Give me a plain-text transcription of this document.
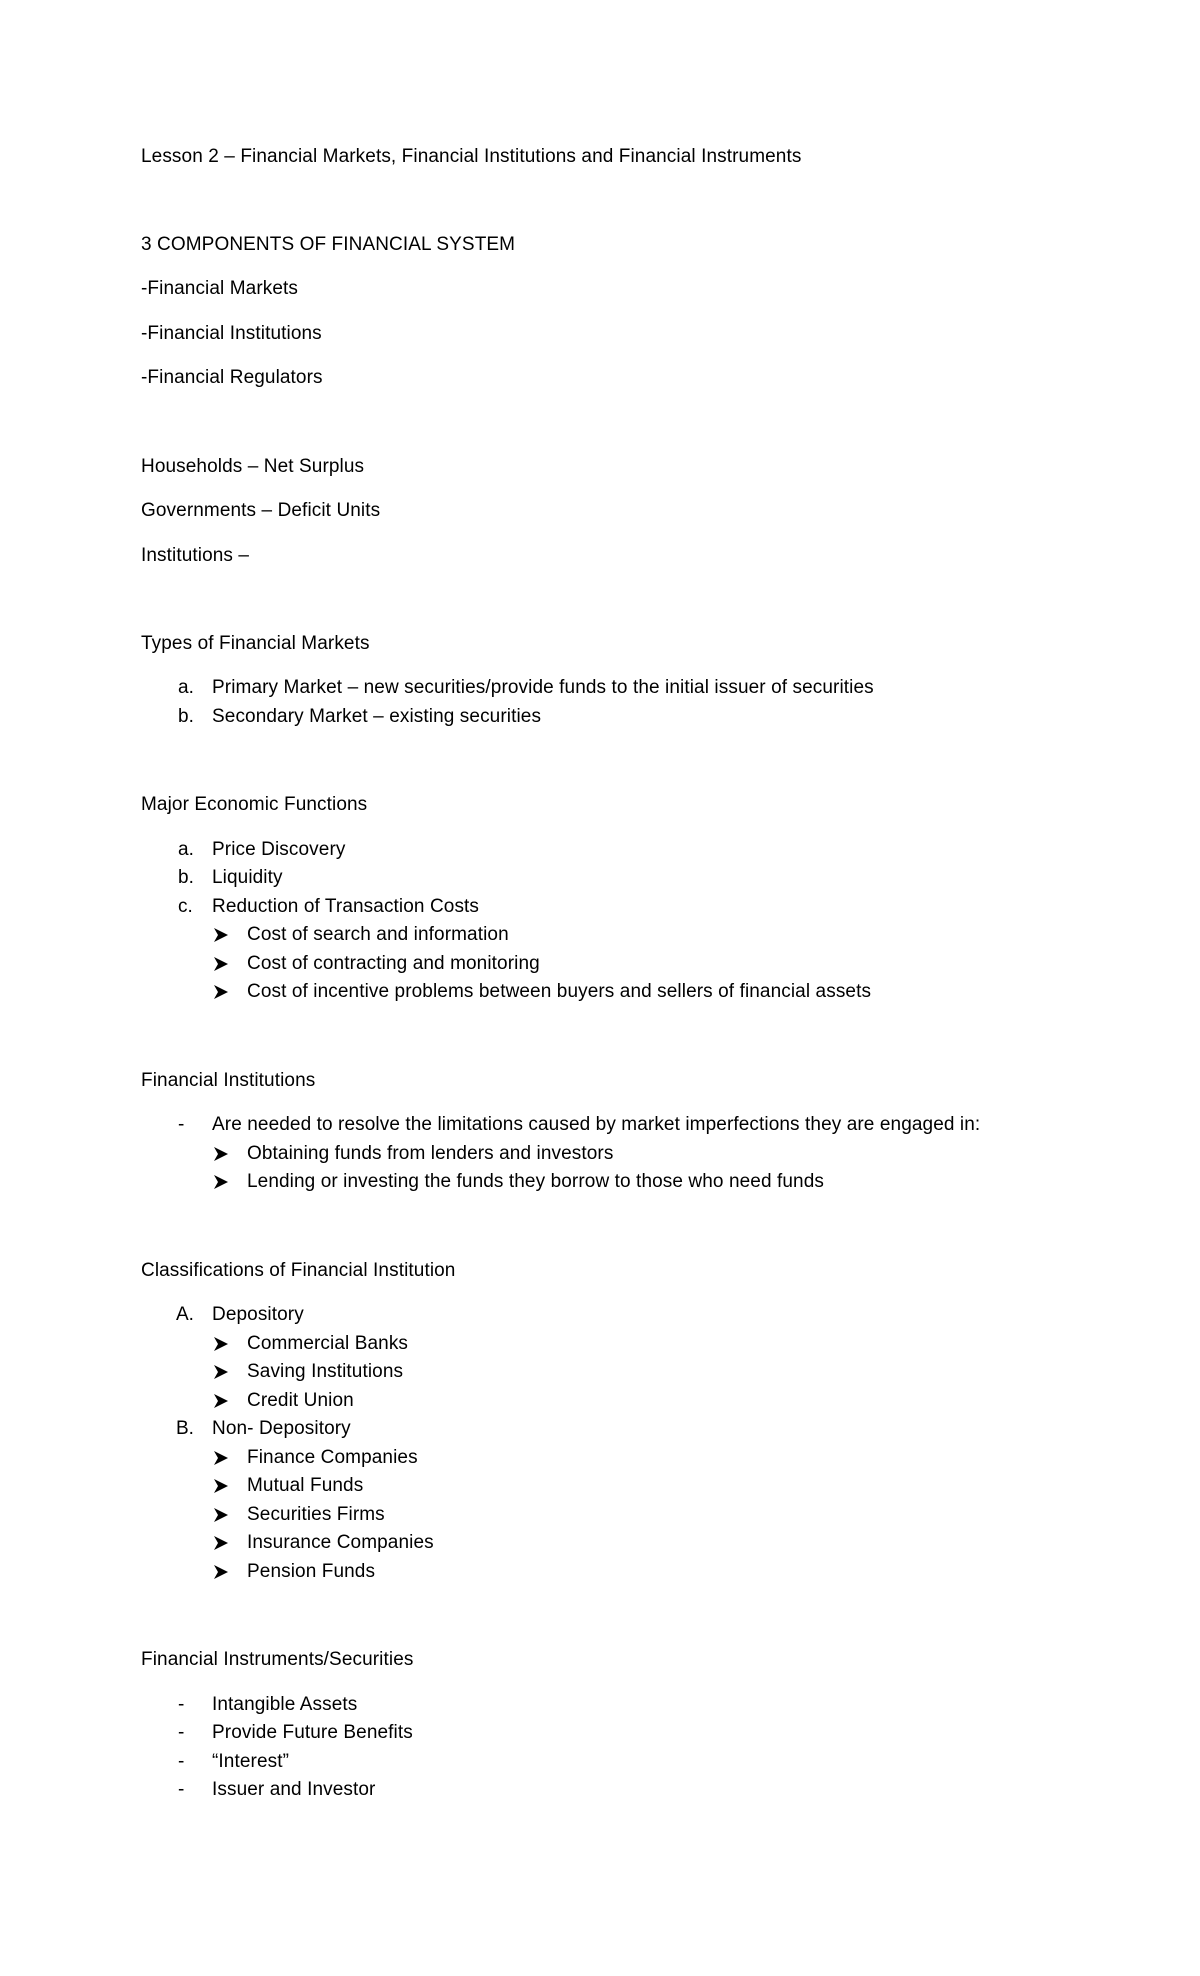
Lesson 2 – Financial Markets, Financial Institutions and Financial Instruments
3 COMPONENTS OF FINANCIAL SYSTEM
-Financial Markets
-Financial Institutions
-Financial Regulators
Households – Net Surplus
Governments – Deficit Units
Institutions –
Types of Financial Markets
a. Primary Market – new securities/provide funds to the initial issuer of securities
b. Secondary Market – existing securities
Major Economic Functions
a. Price Discovery
b. Liquidity
c. Reduction of Transaction Costs
Cost of search and information
Cost of contracting and monitoring
Cost of incentive problems between buyers and sellers of financial assets
Financial Institutions
- Are needed to resolve the limitations caused by market imperfections they are engaged in:
Obtaining funds from lenders and investors
Lending or investing the funds they borrow to those who need funds
Classifications of Financial Institution
A. Depository
Commercial Banks
Saving Institutions
Credit Union
B. Non- Depository
Finance Companies
Mutual Funds
Securities Firms
Insurance Companies
Pension Funds
Financial Instruments/Securities
- Intangible Assets
- Provide Future Benefits
- “Interest”
- Issuer and Investor
